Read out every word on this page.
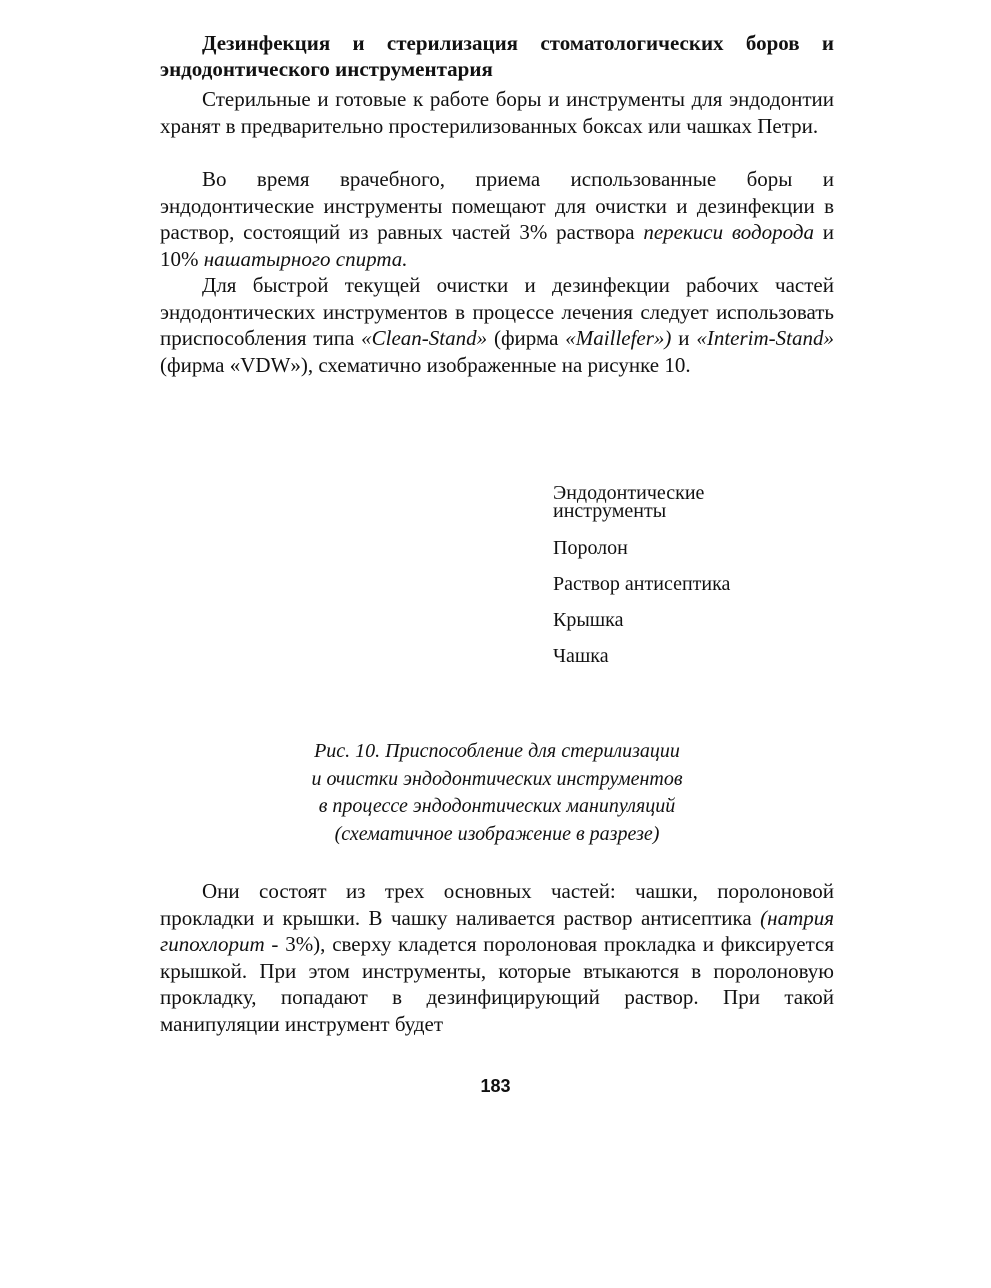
Дезинфекция и стерилизация стоматологических боров и эндодонтического инструментария

Стерильные и готовые к работе боры и инструменты для эндодонтии хранят в предварительно простерилизованных боксах или чашках Петри.

Во время врачебного, приема использованные боры и эндодонтические инструменты помещают для очистки и дезинфекции в раствор, состоящий из равных частей 3% раствора перекиси водорода и 10% нашатырного спирта.

Для быстрой текущей очистки и дезинфекции рабочих частей эндодонтических инструментов в процессе лечения следует использовать приспособления типа «Clean-Stand» (фирма «Maillefer») и «Interim-Stand» (фирма «VDW»), схематично изображенные на рисунке 10.

Эндодонтические инструменты
Поролон
Раствор антисептика
Крышка
Чашка
Рис. 10. Приспособление для стерилизации
и очистки эндодонтических инструментов
в процессе эндодонтических манипуляций
(схематичное изображение в разрезе)

Они состоят из трех основных частей: чашки, поролоновой прокладки и крышки. В чашку наливается раствор антисептика (натрия гипохлорит - 3%), сверху кладется поролоновая прокладка и фиксируется крышкой. При этом инструменты, которые втыкаются в поролоновую прокладку, попадают в дезинфицирующий раствор. При такой манипуляции инструмент будет

183
